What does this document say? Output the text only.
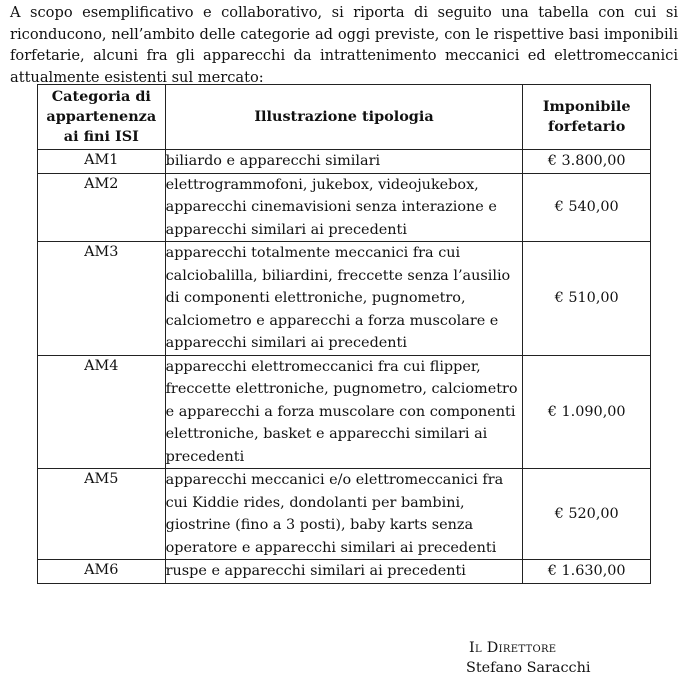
A scopo esemplificativo e collaborativo, si riporta di seguito una tabella con cui si riconducono, nell’ambito delle categorie ad oggi previste, con le rispettive basi imponibili forfetarie, alcuni fra gli apparecchi da intrattenimento meccanici ed elettromeccanici attualmente esistenti sul mercato:

Categoria di appartenenza ai fini ISI	Illustrazione tipologia	Imponibile forfetario
AM1	biliardo e apparecchi similari	€ 3.800,00
AM2	elettrogrammofoni, jukebox, videojukebox, apparecchi cinemavisioni senza interazione e apparecchi similari ai precedenti	€ 540,00
AM3	apparecchi totalmente meccanici fra cui calciobalilla, biliardini, freccette senza l’ausilio di componenti elettroniche, pugnometro, calciometro e apparecchi a forza muscolare e apparecchi similari ai precedenti	€ 510,00
AM4	apparecchi elettromeccanici fra cui flipper, freccette elettroniche, pugnometro, calciometro e apparecchi a forza muscolare con componenti elettroniche, basket e apparecchi similari ai precedenti	€ 1.090,00
AM5	apparecchi meccanici e/o elettromeccanici fra cui Kiddie rides, dondolanti per bambini, giostrine (fino a 3 posti), baby karts senza operatore e apparecchi similari ai precedenti	€ 520,00
AM6	ruspe e apparecchi similari ai precedenti	€ 1.630,00
Il Direttore
Stefano Saracchi
